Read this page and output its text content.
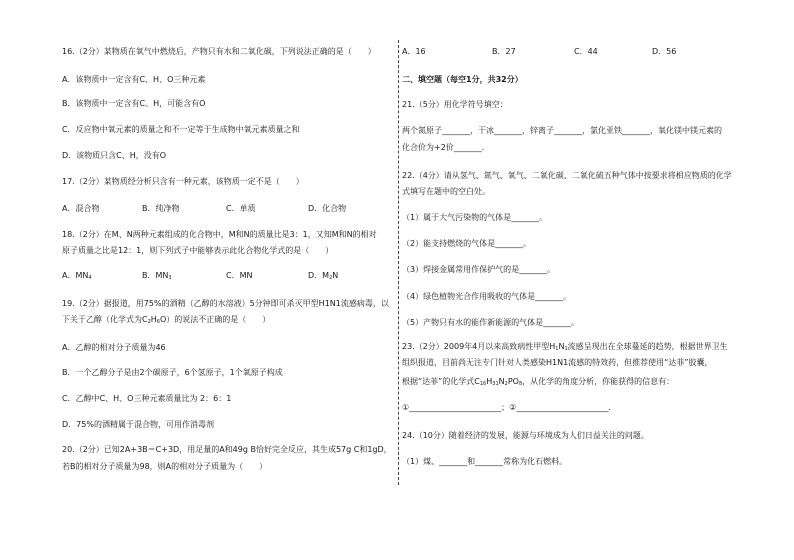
16.（2分）某物质在氧气中燃烧后，产物只有水和二氧化碳，下列说法正确的是（　　）
A．该物质中一定含有C、H、O三种元素
B．该物质中一定含有C、H，可能含有O
C．反应物中氧元素的质量之和不一定等于生成物中氧元素质量之和
D．该物质只含C、H，没有O
17.（2分）某物质经分析只含有一种元素，该物质一定不是（　　）
A．混合物	B．纯净物	C．单质	D．化合物
18.（2分）在M、N两种元素组成的化合物中，M和N的质量比是3：1，又知M和N的相对
原子质量之比是12：1，则下列式子中能够表示此化合物化学式的是（　　）
A．$MN_4$	B．$MN_3$	C．MN	D．$M_2N$
19.（2分）据报道，用75%的酒精（乙醇的水溶液）5分钟即可杀灭甲型H1N1流感病毒，以
下关于乙醇（化学式为$C_2H_6O$）的说法不正确的是（　　）
A．乙醇的相对分子质量为46
B．一个乙醇分子是由2个碳原子，6个氢原子，1个氧原子构成
C．乙醇中C、H、O三种元素质量比为 2：6：1
D．75%的酒精属于混合物，可用作消毒剂
20.（2分）已知2A+3B＝C+3D，用足量的A和49g B恰好完全反应，其生成57g C和1gD，
若B的相对分子质量为98，则A的相对分子质量为（　　）
A．16	B．27	C．44	D．56
二、填空题（每空1分，共32分）
21.（5分）用化学符号填空：
两个氮原子_______，干冰_______，锌离子_______，氯化亚铁_______，氧化镁中镁元素的
化合价为+2价_______．
22.（4分）请从氢气、氮气、氧气、二氧化碳、二氧化硫五种气体中按要求将相应物质的化学
式填写在题中的空白处。
（1）属于大气污染物的气体是_______。
（2）能支持燃烧的气体是_______。
（3）焊接金属常用作保护气的是_______。
（4）绿色植物光合作用吸收的气体是_______。
（5）产物只有水的能作新能源的气体是_______。
23.（2分）2009年4月以来高致病性甲型$H_1N_1$流感呈现出在全球蔓延的趋势，根据世界卫生
组织报道，目前尚无注专门针对人类感染H1N1流感的特效药，但推荐使用“达菲”胶囊，
根据“达菲”的化学式$C_{16}H_{31}N_2PO_8$，从化学的角度分析，你能获得的信息有：
①_______________________；②_______________________．
24.（10分）随着经济的发展，能源与环境成为人们日益关注的问题。
（1）煤、_______和_______常称为化石燃料。
